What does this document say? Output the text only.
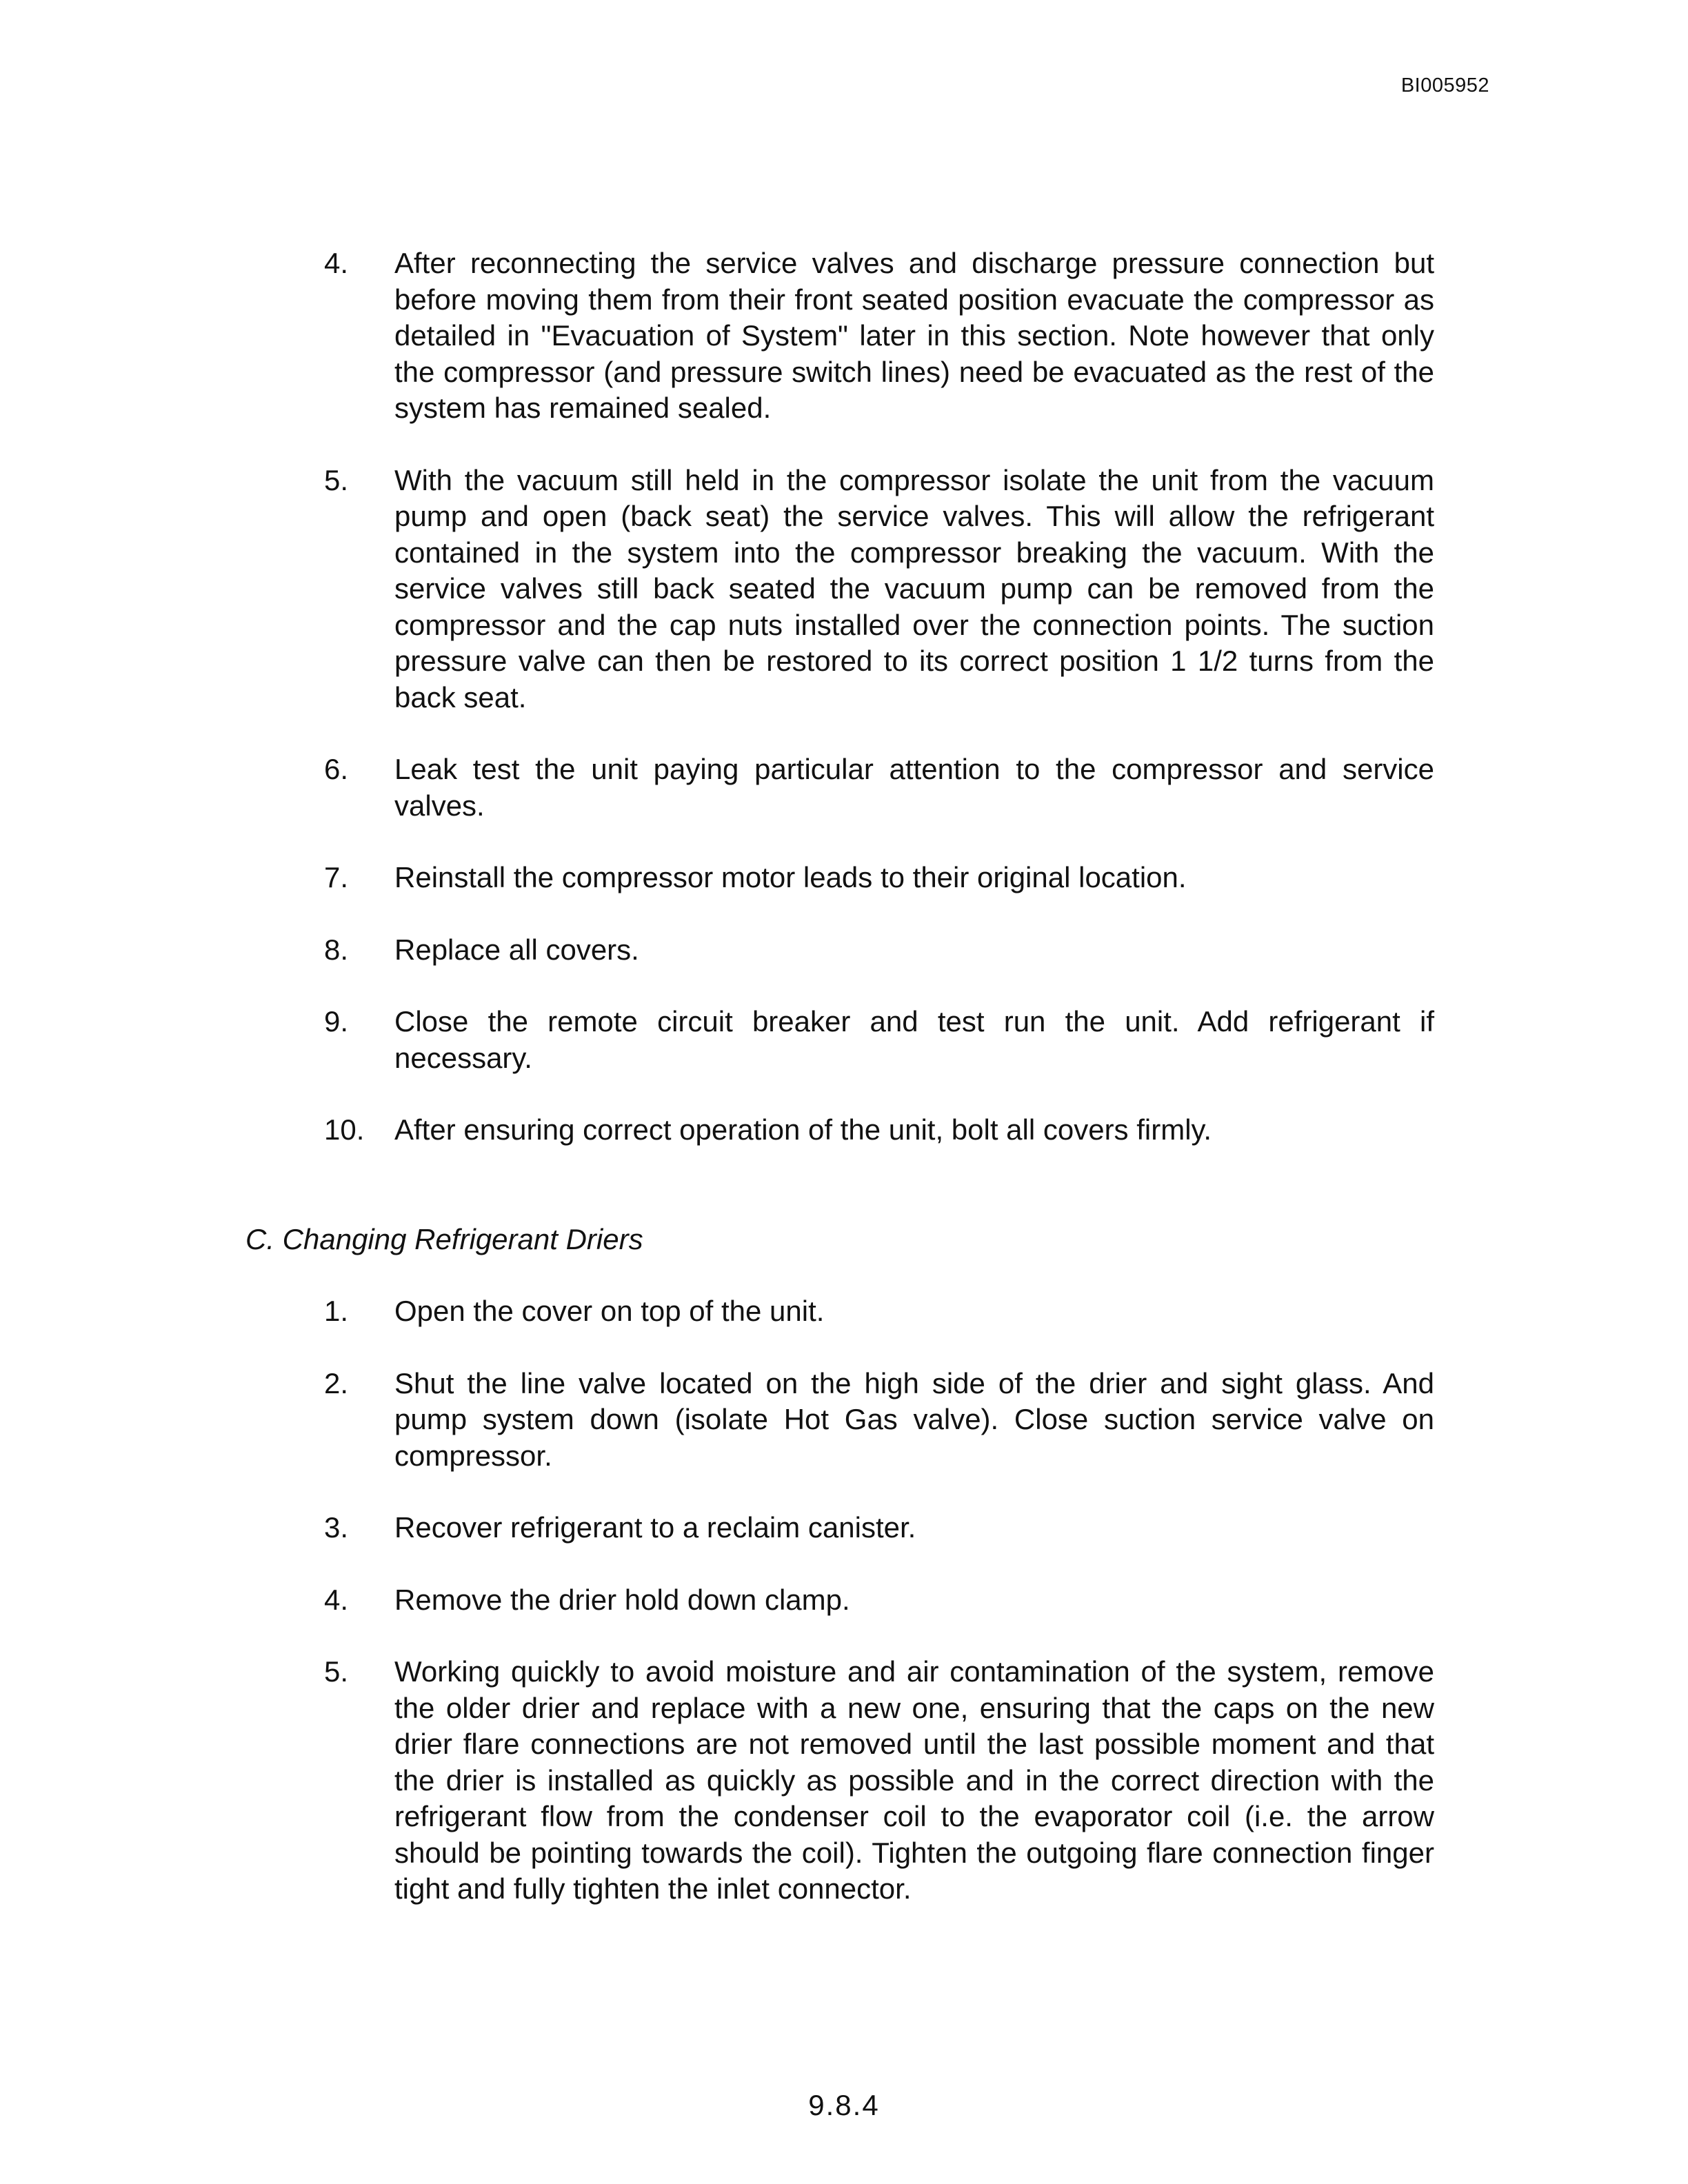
BI005952
4. After reconnecting the service valves and discharge pressure connection but before moving them from their front seated position evacuate the compressor as detailed in "Evacuation of System" later in this section. Note however that only the compressor (and pressure switch lines) need be evacuated as the rest of the system has remained sealed.
5. With the vacuum still held in the compressor isolate the unit from the vacuum pump and open (back seat) the service valves. This will allow the refrigerant contained in the system into the compressor breaking the vacuum. With the service valves still back seated the vacuum pump can be removed from the compressor and the cap nuts installed over the connection points. The suction pressure valve can then be restored to its correct position 1 1/2 turns from the back seat.
6. Leak test the unit paying particular attention to the compressor and service valves.
7. Reinstall the compressor motor leads to their original location.
8. Replace all covers.
9. Close the remote circuit breaker and test run the unit. Add refrigerant if necessary.
10. After ensuring correct operation of the unit, bolt all covers firmly.
C. Changing Refrigerant Driers
1. Open the cover on top of the unit.
2. Shut the line valve located on the high side of the drier and sight glass. And pump system down (isolate Hot Gas valve). Close suction service valve on compressor.
3. Recover refrigerant to a reclaim canister.
4. Remove the drier hold down clamp.
5. Working quickly to avoid moisture and air contamination of the system, remove the older drier and replace with a new one, ensuring that the caps on the new drier flare connections are not removed until the last possible moment and that the drier is installed as quickly as possible and in the correct direction with the refrigerant flow from the condenser coil to the evaporator coil (i.e. the arrow should be pointing towards the coil). Tighten the outgoing flare connection finger tight and fully tighten the inlet connector.
9.8.4
